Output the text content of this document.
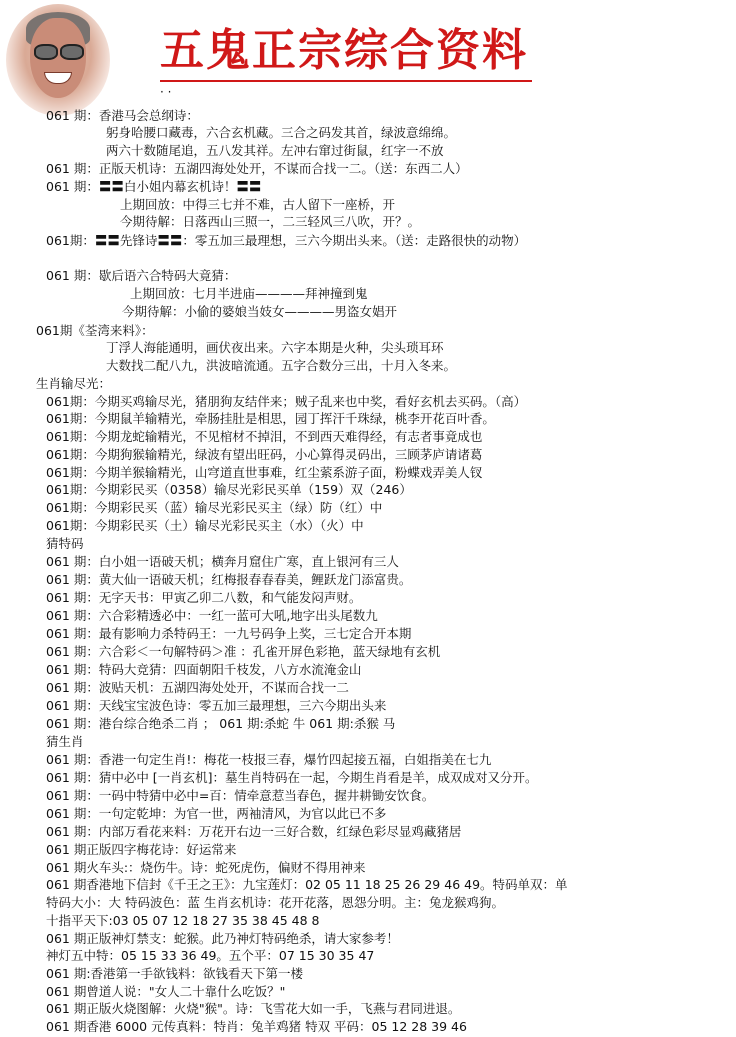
五鬼正宗综合资料
· ·
061 期：香港马会总纲诗：
躬身哈腰口藏毒，六合玄机藏。三合之码发其首，绿波意绵绵。
两六十数随尾追，五八发其祥。左冲右窜过街鼠，红字一不放
061 期：正版天机诗：五湖四海处处开，不谋而合找一二。（送：东西二人）
061 期：〓〓白小姐内幕玄机诗！〓〓
上期回放：中得三七并不难，古人留下一座桥，开
今期待解：日落西山三照一，二三轻风三八吹，开？。
061期：〓〓先锋诗〓〓：零五加三最理想，三六今期出头来。（送：走路很快的动物）
061 期：歇后语六合特码大竟猜：
上期回放：七月半进庙————拜神撞到鬼
今期待解：小偷的婆娘当妓女————男盗女娼开
061期《荃湾来料》：
丁浮人海能通明，画伏夜出来。六字本期是火种，尖头琐耳环
大数找二配八九，洪波暗流通。五字合数分三出，十月入冬来。
生肖输尽光：
061期：今期买鸡输尽光，猪朋狗友结伴来；贼子乱来也中奖，看好玄机去买码。（高）
061期：今期鼠羊输精光，牵肠挂肚是相思，园丁挥汗千珠绿，桃李开花百叶香。
061期：今期龙蛇输精光，不见棺材不掉泪，不到西天难得经，有志者事竟成也
061期：今期狗猴输精光，绿波有望出旺码，小心算得灵码出，三顾茅庐请诸葛
061期：今期羊猴输精光，山穹道直世事难，红尘萦系游子面，粉蝶戏弄美人钗
061期：今期彩民买（0358）输尽光彩民买单（159）双（246）
061期：今期彩民买（蓝）输尽光彩民买主（绿）防（红）中
061期：今期彩民买（土）输尽光彩民买主（水）（火）中
猜特码
061 期：白小姐一语破天机；横奔月窟住广寒，直上银河有三人
061 期：黄大仙一语破天机；红梅报春春春美，鲤跃龙门添富贵。
061 期：无字天书：甲寅乙卯二八数，和气能发闷声财。
061 期：六合彩精透必中：一红一蓝可大吼,地字出头尾数九
061 期：最有影响力杀特码王：一九号码争上奖，三七定合开本期
061 期：六合彩＜一句解特码＞准 ：孔雀开屏色彩艳，蓝天绿地有玄机
061 期：特码大竞猜：四面朝阳千枝发，八方水流淹金山
061 期：波贴天机：五湖四海处处开，不谋而合找一二
061 期：天线宝宝波色诗：零五加三最理想，三六今期出头来
061 期：港台综合绝杀二肖 ； 061 期:杀蛇 牛 061 期:杀猴 马
猜生肖
061 期：香港一句定生肖!：梅花一枝报三春，爆竹四起接五福，白姐指美在七九
061 期：猜中必中 [一肖玄机]：墓生肖特码在一起，今期生肖看是羊，成双成对又分开。
061 期：一码中特猜中必中=百：情牵意惹当春色，握井耕锄安饮食。
061 期：一句定乾坤：为官一世，两袖清风，为官以此已不多
061 期：内部万看花来料：万花开右边一三好合数，红绿色彩尽显鸡藏猪居
061 期正版四字梅花诗：好运常来
061 期火车头:：烧伤牛。诗：蛇死虎伤，偏财不得用神来
061 期香港地下信封《千王之王》：九宝莲灯：02 05 11 18 25 26 29 46 49。特码单双：单
特码大小：大 特码波色：蓝 生肖玄机诗：花开花落，恩怨分明。主：兔龙猴鸡狗。
十指平天下:03 05 07 12 18 27 35 38 45 48 8
061 期正版神灯禁支：蛇猴。此乃神灯特码绝杀，请大家参考！
神灯五中特：05 15 33 36 49。五个平：07 15 30 35 47
061 期:香港第一手欲钱料：欲钱看天下第一楼
061 期曾道人说："女人二十靠什么吃饭？"
061 期正版火烧图解：火烧"猴"。诗：飞雪花大如一手，飞燕与君同进退。
061 期香港 6000 元传真料：特肖：兔羊鸡猪 特双 平码：05 12 28 39 46
